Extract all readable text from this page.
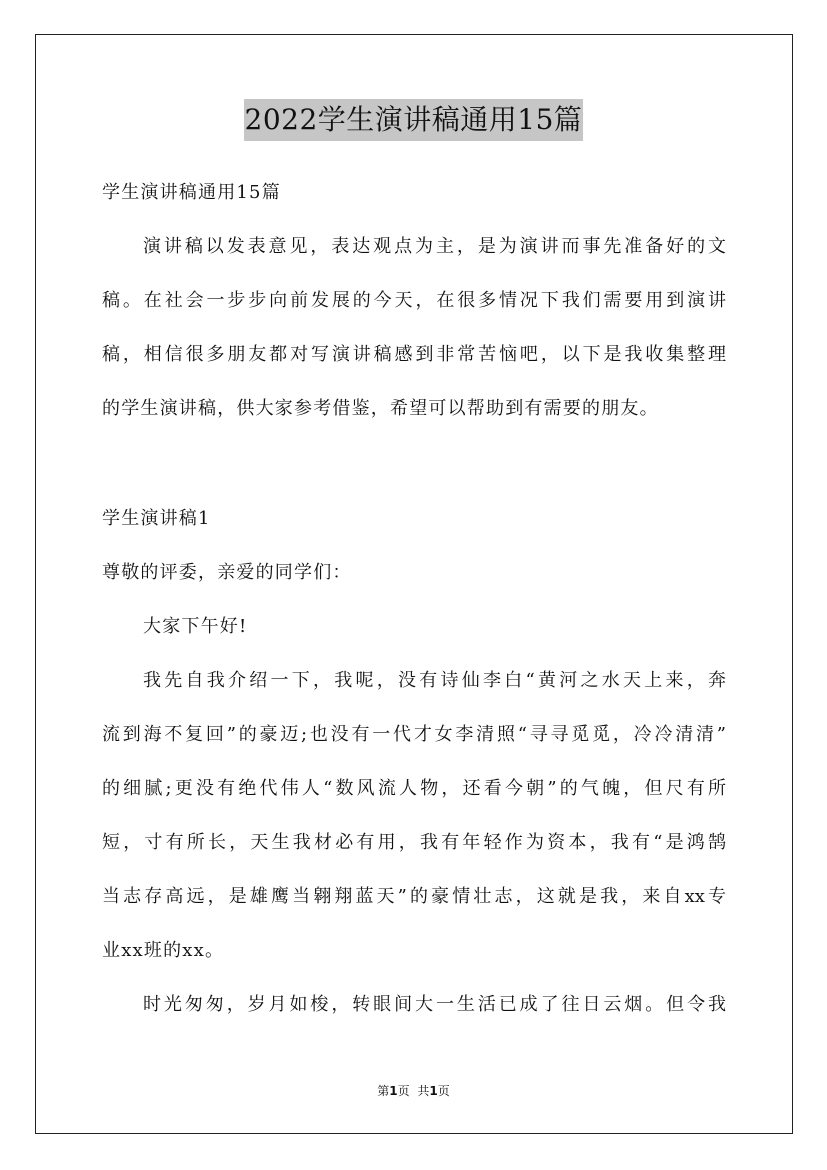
2022学生演讲稿通用15篇
学生演讲稿通用15篇
演讲稿以发表意见，表达观点为主，是为演讲而事先准备好的文
稿。在社会一步步向前发展的今天，在很多情况下我们需要用到演讲
稿，相信很多朋友都对写演讲稿感到非常苦恼吧，以下是我收集整理
的学生演讲稿，供大家参考借鉴，希望可以帮助到有需要的朋友。
学生演讲稿1
尊敬的评委，亲爱的同学们：
大家下午好!
我先自我介绍一下，我呢，没有诗仙李白“黄河之水天上来，奔
流到海不复回”的豪迈;也没有一代才女李清照“寻寻觅觅，冷冷清清”
的细腻;更没有绝代伟人“数风流人物，还看今朝”的气魄，但尺有所
短，寸有所长，天生我材必有用，我有年轻作为资本，我有“是鸿鹄
当志存高远，是雄鹰当翱翔蓝天”的豪情壮志，这就是我，来自xx专
业xx班的xx。
时光匆匆，岁月如梭，转眼间大一生活已成了往日云烟。但令我
第1页 共1页
